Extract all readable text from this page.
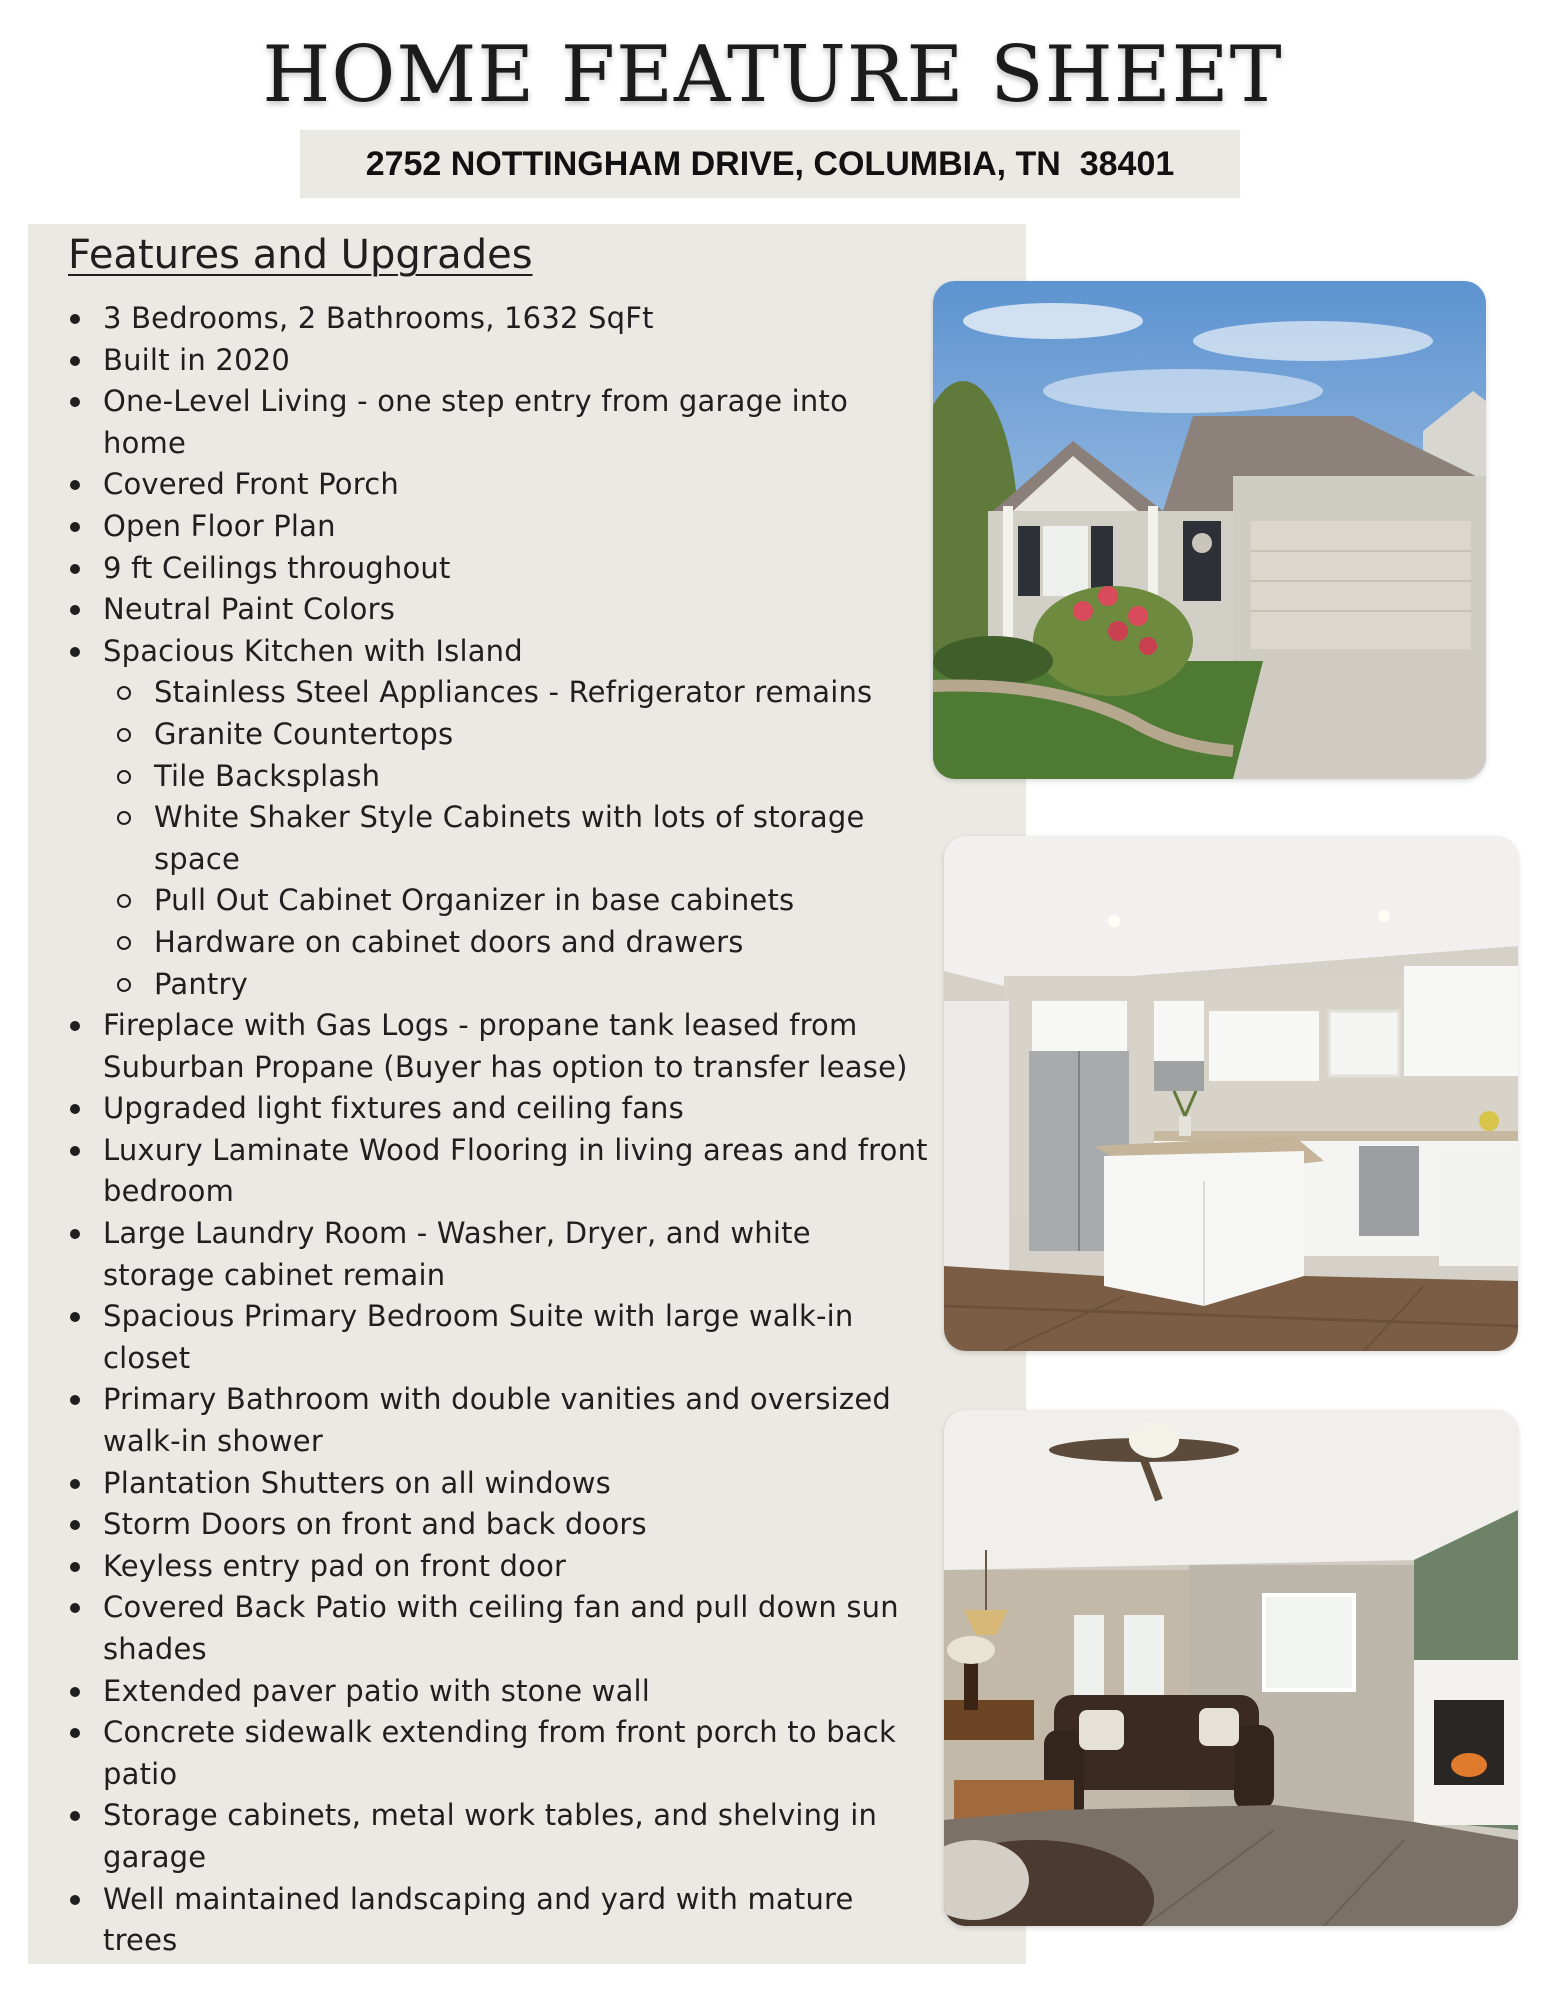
HOME FEATURE SHEET
2752 NOTTINGHAM DRIVE, COLUMBIA, TN  38401
Features and Upgrades
3 Bedrooms, 2 Bathrooms, 1632 SqFt
Built in 2020
One-Level Living - one step entry from garage into home
Covered Front Porch
Open Floor Plan
9 ft Ceilings throughout
Neutral Paint Colors
Spacious Kitchen with Island
Stainless Steel Appliances - Refrigerator remains
Granite Countertops
Tile Backsplash
White Shaker Style Cabinets with lots of storage space
Pull Out Cabinet Organizer in base cabinets
Hardware on cabinet doors and drawers
Pantry
Fireplace with Gas Logs - propane tank leased from Suburban Propane (Buyer has option to transfer lease)
Upgraded light fixtures and ceiling fans
Luxury Laminate Wood Flooring in living areas and front bedroom
Large Laundry Room - Washer, Dryer, and white storage cabinet remain
Spacious Primary Bedroom Suite with large walk-in closet
Primary Bathroom with double vanities and oversized walk-in shower
Plantation Shutters on all windows
Storm Doors on front and back doors
Keyless entry pad on front door
Covered Back Patio with ceiling fan and pull down sun shades
Extended paver patio with stone wall
Concrete sidewalk extending from front porch to back patio
Storage cabinets, metal work tables, and shelving in garage
Well maintained landscaping and yard with mature trees
